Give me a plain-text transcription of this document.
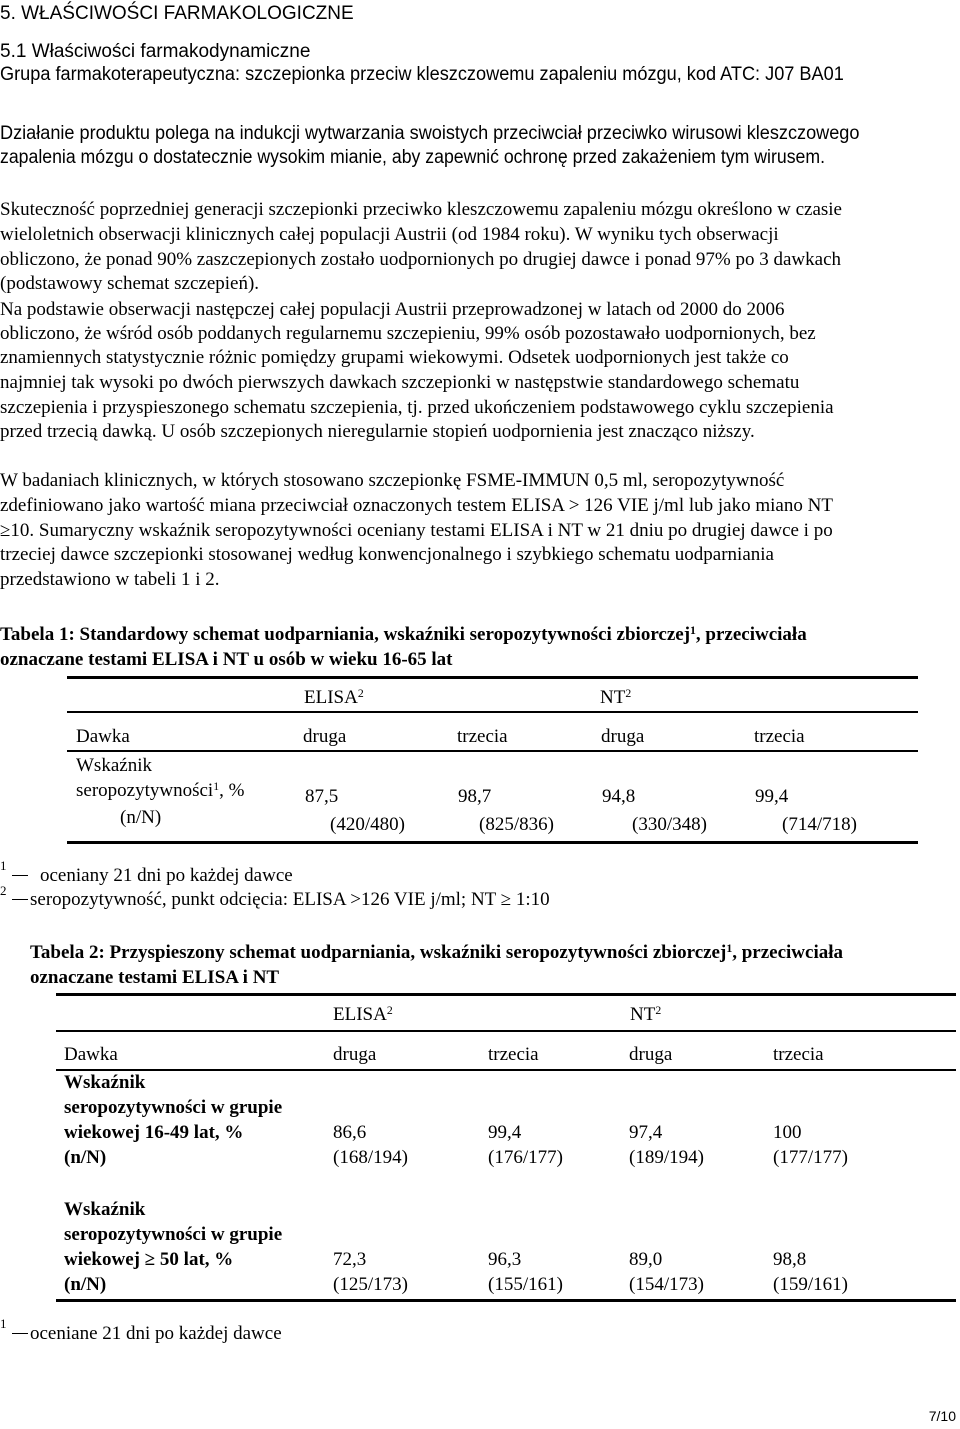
5. WŁAŚCIWOŚCI FARMAKOLOGICZNE
5.1 Właściwości farmakodynamiczne
Grupa farmakoterapeutyczna: szczepionka przeciw kleszczowemu zapaleniu mózgu, kod ATC: J07 BA01
Działanie produktu polega na indukcji wytwarzania swoistych przeciwciał przeciwko wirusowi kleszczowego
zapalenia mózgu o dostatecznie wysokim mianie, aby zapewnić ochronę przed zakażeniem tym wirusem.
Skuteczność poprzedniej generacji szczepionki przeciwko kleszczowemu zapaleniu mózgu określono w czasie
wieloletnich obserwacji klinicznych całej populacji Austrii (od 1984 roku). W wyniku tych obserwacji
obliczono, że ponad 90% zaszczepionych zostało uodpornionych po drugiej dawce i ponad 97% po 3 dawkach
(podstawowy schemat szczepień).
Na podstawie obserwacji następczej całej populacji Austrii przeprowadzonej w latach od 2000 do 2006
obliczono, że wśród osób poddanych regularnemu szczepieniu, 99% osób pozostawało uodpornionych, bez
znamiennych statystycznie różnic pomiędzy grupami wiekowymi. Odsetek uodpornionych jest także co
najmniej tak wysoki po dwóch pierwszych dawkach szczepionki w następstwie standardowego schematu
szczepienia i przyspieszonego schematu szczepienia, tj. przed ukończeniem podstawowego cyklu szczepienia
przed trzecią dawką. U osób szczepionych nieregularnie stopień uodpornienia jest znacząco niższy.
W badaniach klinicznych, w których stosowano szczepionkę FSME-IMMUN 0,5 ml, seropozytywność
zdefiniowano jako wartość miana przeciwciał oznaczonych testem ELISA > 126 VIE j/ml lub jako miano NT
≥10. Sumaryczny wskaźnik seropozytywności oceniany testami ELISA i NT w 21 dniu po drugiej dawce i po
trzeciej dawce szczepionki stosowanej według konwencjonalnego i szybkiego schematu uodparniania
przedstawiono w tabeli 1 i 2.
Tabela 1: Standardowy schemat uodparniania, wskaźniki seropozytywności zbiorczej$^1$, przeciwciała
oznaczane testami ELISA i NT u osób w wieku 16-65 lat
ELISA$^2$	$NT^2$
Dawka	druga	trzecia	druga	trzecia
Wskaźnik
seropozytywności$^1$, %
(n/N)
87,5	98,7	94,8	99,4
(420/480)	(825/836)	(330/348)	(714/718)
1 oceniany 21 dni po każdej dawce
2 seropozytywność, punkt odcięcia: ELISA >126 VIE j/ml; NT ≥ 1:10
Tabela 2: Przyspieszony schemat uodparniania, wskaźniki seropozytywności zbiorczej$^1$, przeciwciała
oznaczane testami ELISA i NT
ELISA$^2$	$NT^2$
Dawka	druga	trzecia	druga	trzecia
Wskaźnik
seropozytywności w grupie
wiekowej 16-49 lat, %
(n/N)
86,6	99,4	97,4	100
(168/194)	(176/177)	(189/194)	(177/177)
Wskaźnik
seropozytywności w grupie
wiekowej ≥ 50 lat, %
(n/N)
72,3	96,3	89,0	98,8
(125/173)	(155/161)	(154/173)	(159/161)
1 oceniane 21 dni po każdej dawce
7/10
